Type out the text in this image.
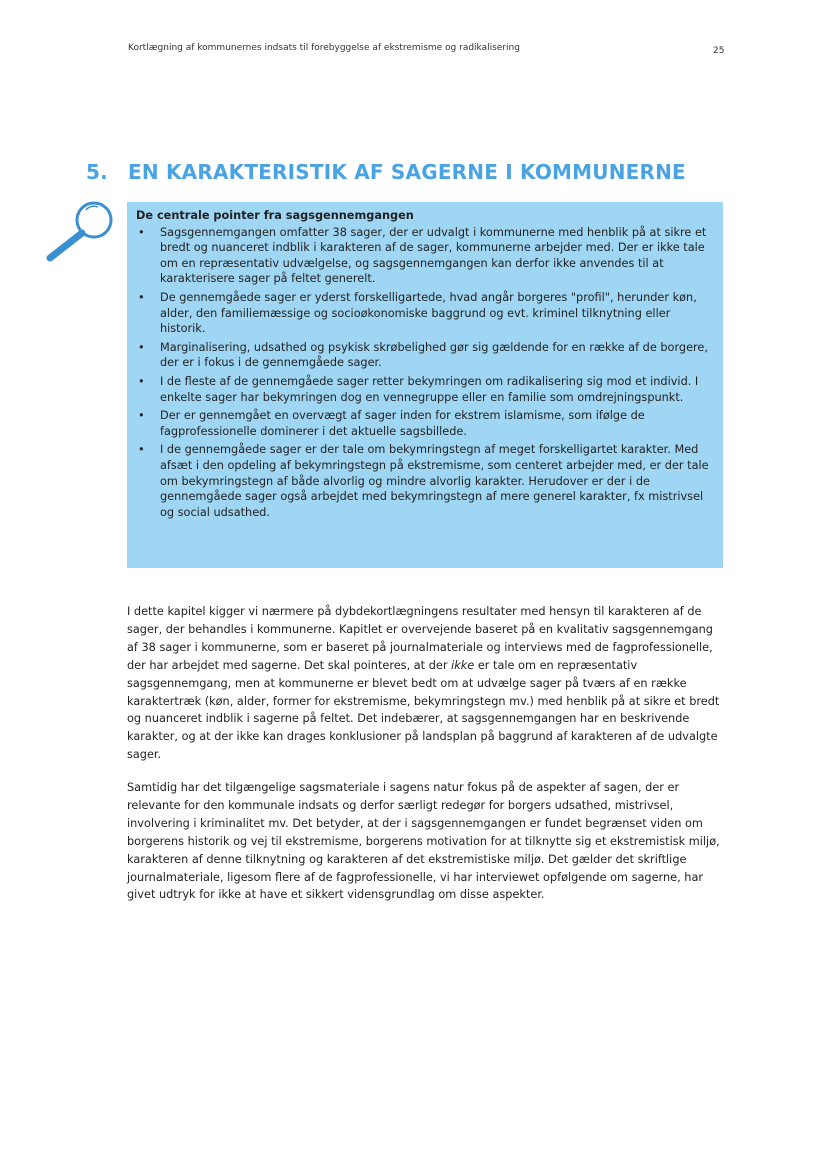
Kortlægning af kommunernes indsats til forebyggelse af ekstremisme og radikalisering	25
5. EN KARAKTERISTIK AF SAGERNE I KOMMUNERNE
De centrale pointer fra sagsgennemgangen
• Sagsgennemgangen omfatter 38 sager, der er udvalgt i kommunerne med henblik på at sikre et bredt og nuanceret indblik i karakteren af de sager, kommunerne arbejder med. Der er ikke tale om en repræsentativ udvælgelse, og sagsgennemgangen kan derfor ikke anvendes til at karakterisere sager på feltet generelt.
• De gennemgåede sager er yderst forskelligartede, hvad angår borgeres "profil", herunder køn, alder, den familiemæssige og socioøkonomiske baggrund og evt. kriminel tilknytning eller historik.
• Marginalisering, udsathed og psykisk skrøbelighed gør sig gældende for en række af de borgere, der er i fokus i de gennemgåede sager.
• I de fleste af de gennemgåede sager retter bekymringen om radikalisering sig mod et individ. I enkelte sager har bekymringen dog en vennegruppe eller en familie som omdrejningspunkt.
• Der er gennemgået en overvægt af sager inden for ekstrem islamisme, som ifølge de fagprofessionelle dominerer i det aktuelle sagsbillede.
• I de gennemgåede sager er der tale om bekymringstegn af meget forskelligartet karakter. Med afsæt i den opdeling af bekymringstegn på ekstremisme, som centeret arbejder med, er der tale om bekymringstegn af både alvorlig og mindre alvorlig karakter. Herudover er der i de gennemgåede sager også arbejdet med bekymringstegn af mere generel karakter, fx mistrivsel og social udsathed.

I dette kapitel kigger vi nærmere på dybdekortlægningens resultater med hensyn til karakteren af de sager, der behandles i kommunerne. Kapitlet er overvejende baseret på en kvalitativ sagsgennemgang af 38 sager i kommunerne, som er baseret på journalmateriale og interviews med de fagprofessionelle, der har arbejdet med sagerne. Det skal pointeres, at der ikke er tale om en repræsentativ sagsgennemgang, men at kommunerne er blevet bedt om at udvælge sager på tværs af en række karaktertræk (køn, alder, former for ekstremisme, bekymringstegn mv.) med henblik på at sikre et bredt og nuanceret indblik i sagerne på feltet. Det indebærer, at sagsgennemgangen har en beskrivende karakter, og at der ikke kan drages konklusioner på landsplan på baggrund af karakteren af de udvalgte sager.

Samtidig har det tilgængelige sagsmateriale i sagens natur fokus på de aspekter af sagen, der er relevante for den kommunale indsats og derfor særligt redegør for borgers udsathed, mistrivsel, involvering i kriminalitet mv. Det betyder, at der i sagsgennemgangen er fundet begrænset viden om borgerens historik og vej til ekstremisme, borgerens motivation for at tilknytte sig et ekstremistisk miljø, karakteren af denne tilknytning og karakteren af det ekstremistiske miljø. Det gælder det skriftlige journalmateriale, ligesom flere af de fagprofessionelle, vi har interviewet opfølgende om sagerne, har givet udtryk for ikke at have et sikkert vidensgrundlag om disse aspekter.
